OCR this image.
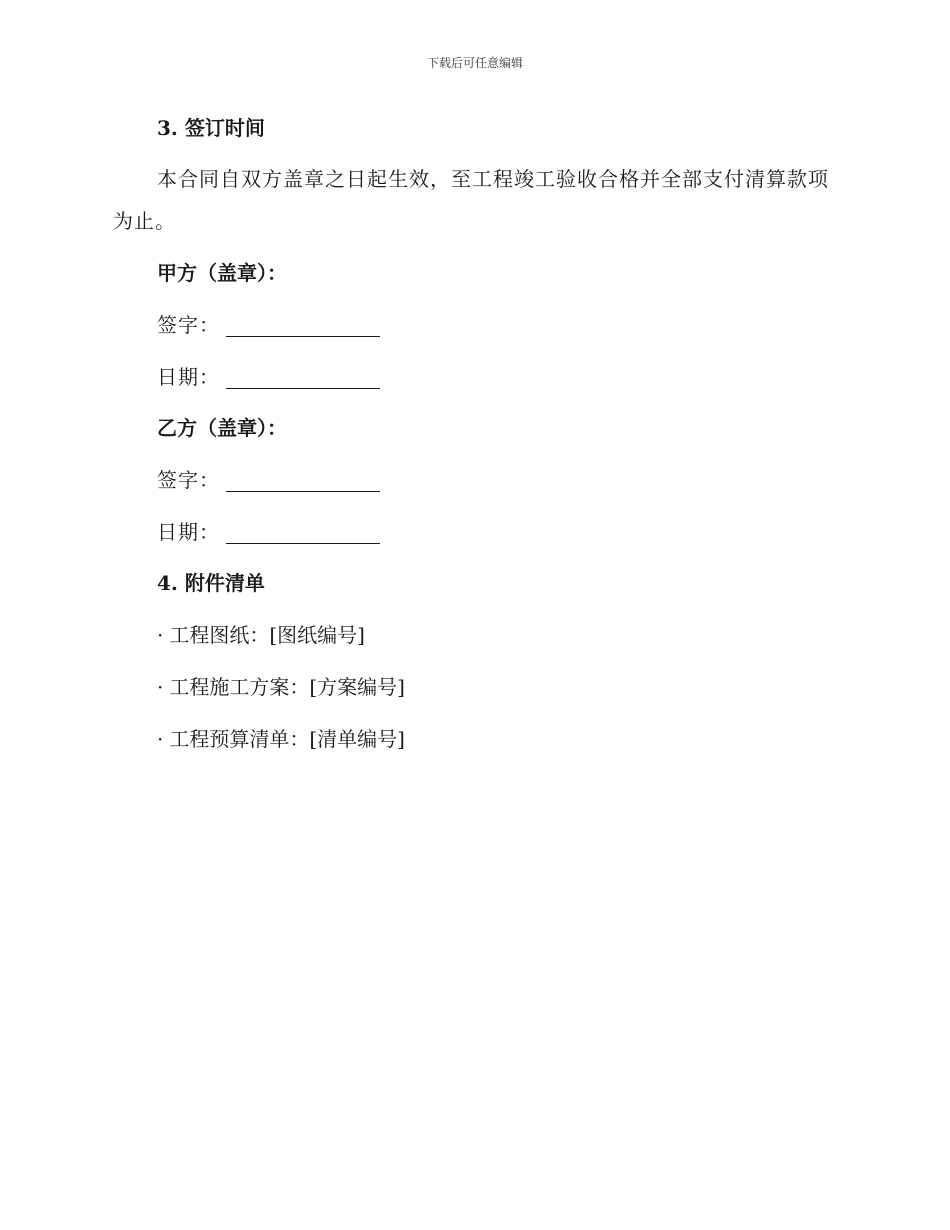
下载后可任意编辑
3. 签订时间
本合同自双方盖章之日起生效，至工程竣工验收合格并全部支付清算款项为止。
甲方（盖章）：
签字：
日期：
乙方（盖章）：
签字：
日期：
4. 附件清单
· 工程图纸：[图纸编号]
· 工程施工方案：[方案编号]
· 工程预算清单：[清单编号]
